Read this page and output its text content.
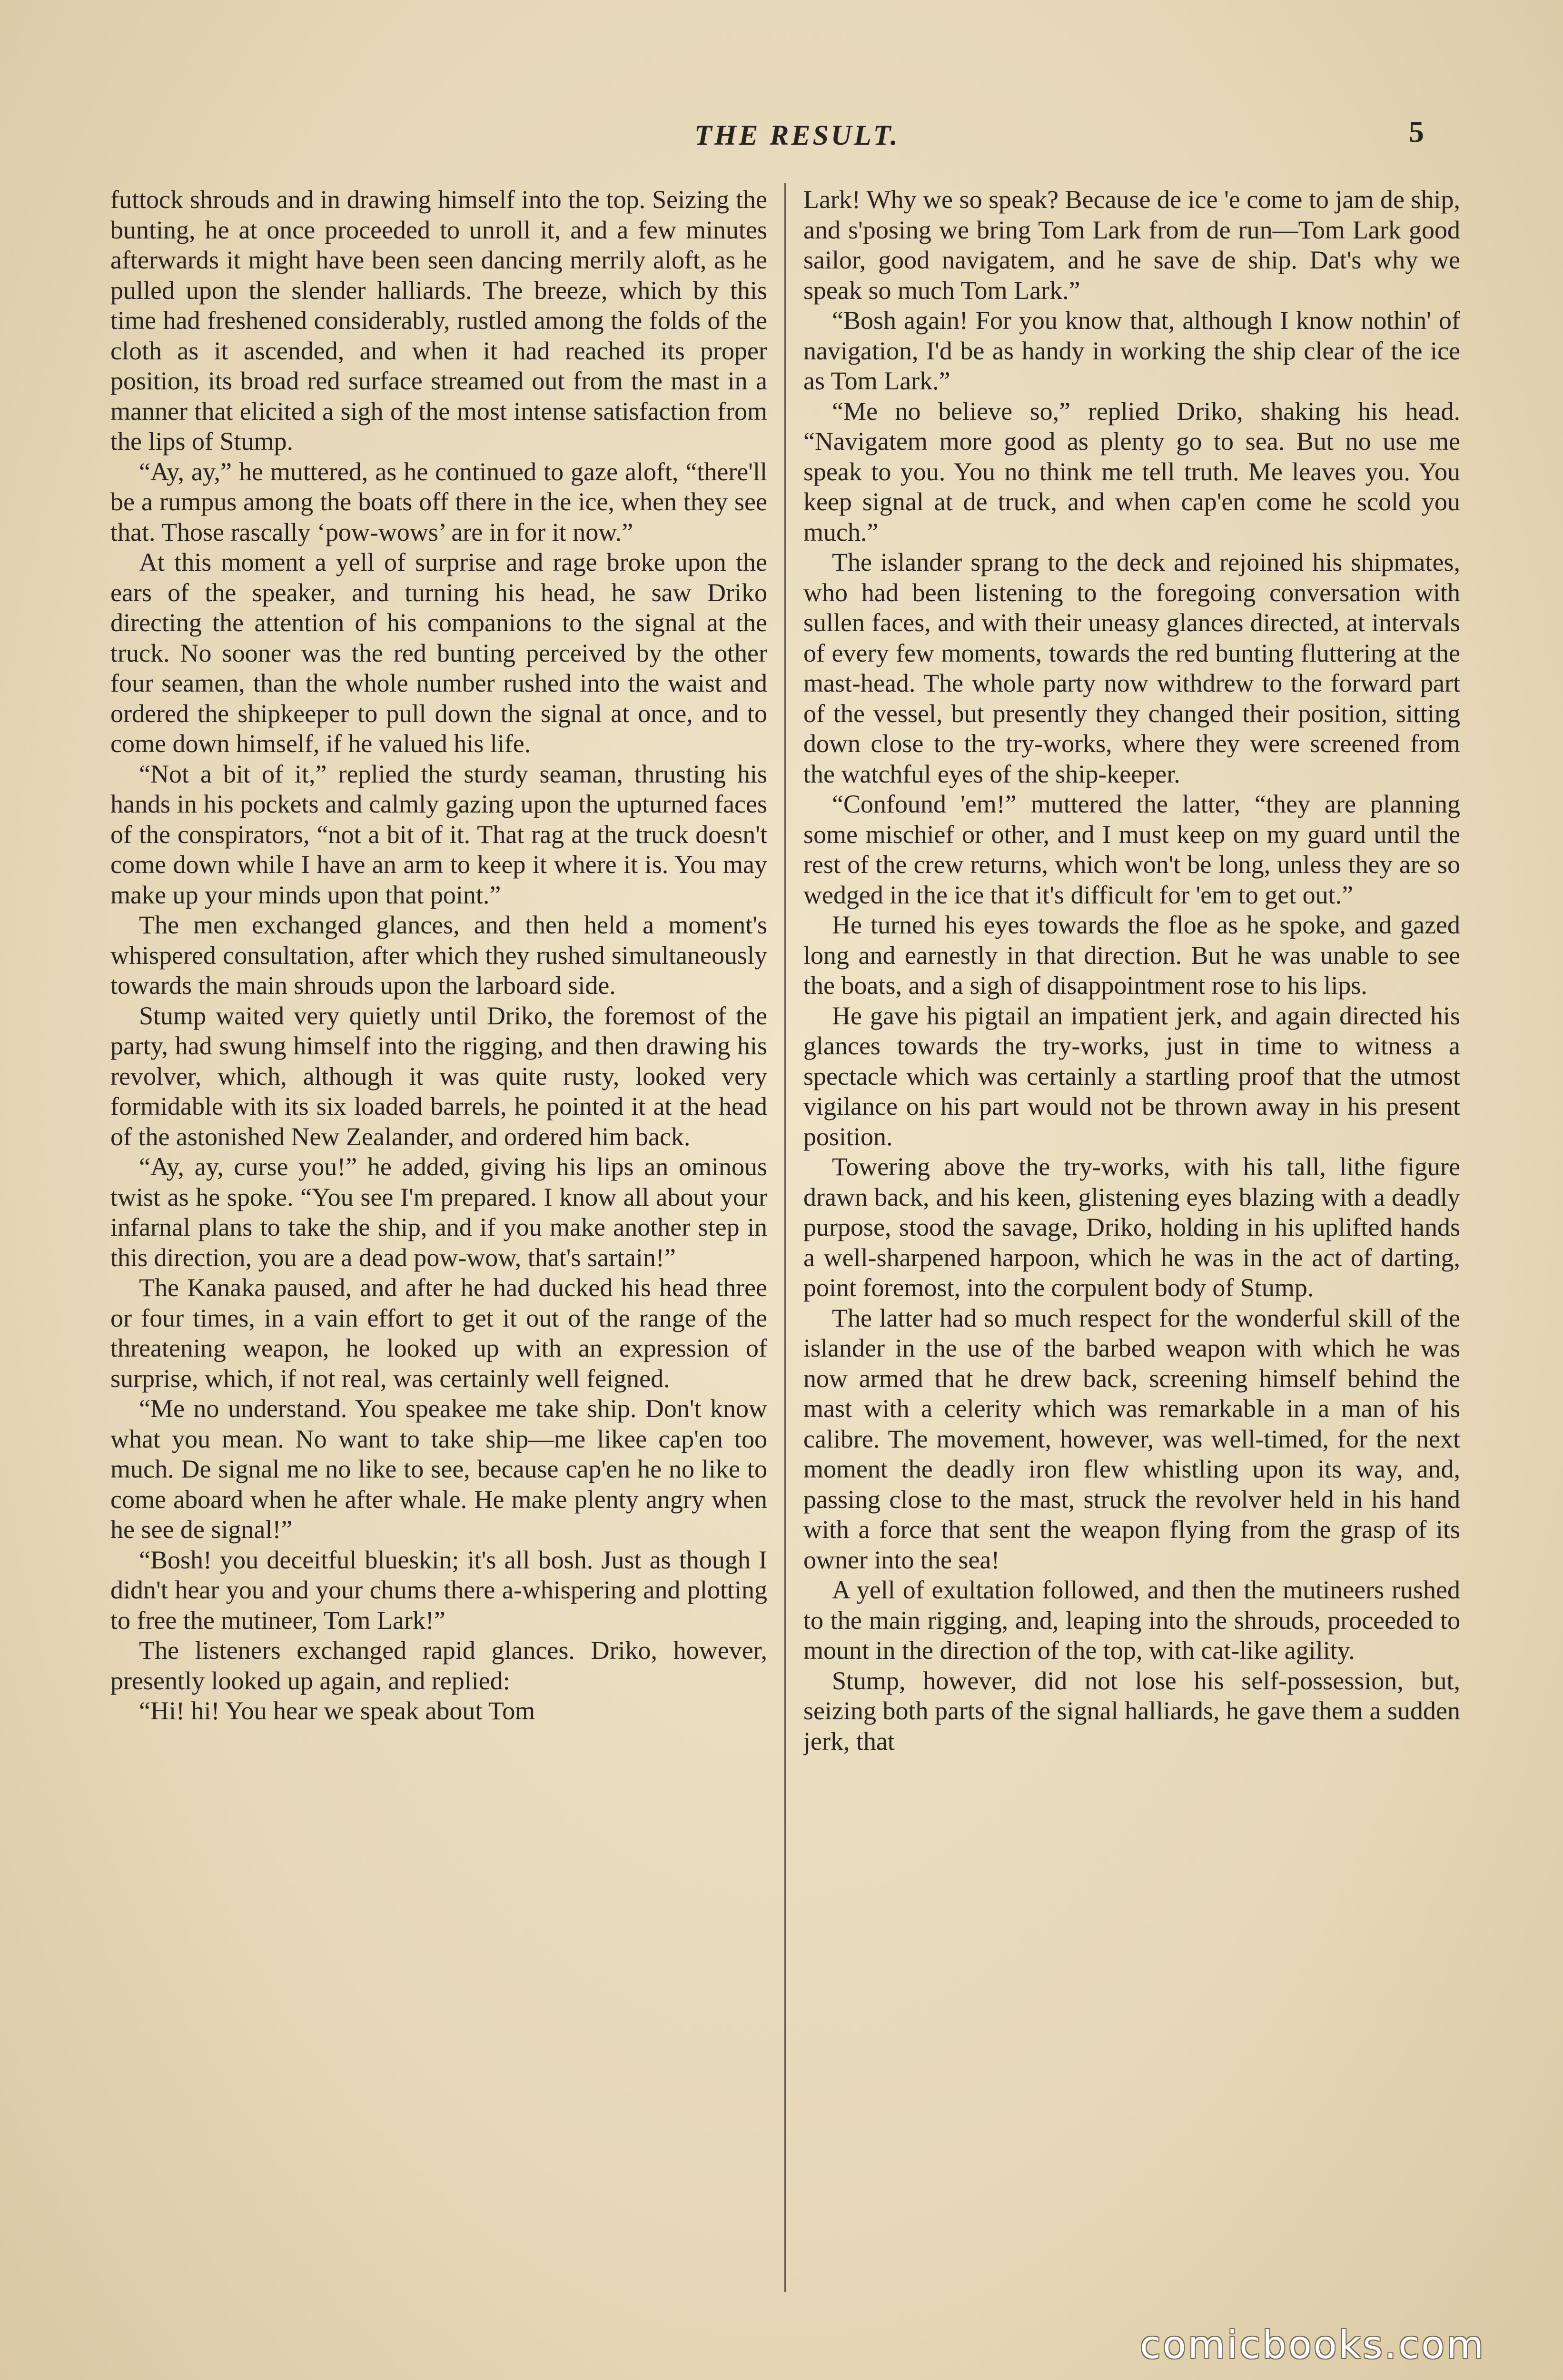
THE RESULT.	5

futtock shrouds and in drawing himself into the top. Seizing the bunting, he at once proceeded to unroll it, and a few minutes afterwards it might have been seen dancing merrily aloft, as he pulled upon the slender halliards. The breeze, which by this time had freshened considerably, rustled among the folds of the cloth as it ascended, and when it had reached its proper position, its broad red surface streamed out from the mast in a manner that elicited a sigh of the most intense satisfaction from the lips of Stump.

“Ay, ay,” he muttered, as he continued to gaze aloft, “there'll be a rumpus among the boats off there in the ice, when they see that. Those rascally ‘pow-wows’ are in for it now.”

At this moment a yell of surprise and rage broke upon the ears of the speaker, and turning his head, he saw Driko directing the attention of his companions to the signal at the truck. No sooner was the red bunting perceived by the other four seamen, than the whole number rushed into the waist and ordered the shipkeeper to pull down the signal at once, and to come down himself, if he valued his life.

“Not a bit of it,” replied the sturdy seaman, thrusting his hands in his pockets and calmly gazing upon the upturned faces of the conspirators, “not a bit of it. That rag at the truck doesn't come down while I have an arm to keep it where it is. You may make up your minds upon that point.”

The men exchanged glances, and then held a moment's whispered consultation, after which they rushed simultaneously towards the main shrouds upon the larboard side.

Stump waited very quietly until Driko, the foremost of the party, had swung himself into the rigging, and then drawing his revolver, which, although it was quite rusty, looked very formidable with its six loaded barrels, he pointed it at the head of the astonished New Zealander, and ordered him back.

“Ay, ay, curse you!” he added, giving his lips an ominous twist as he spoke. “You see I'm prepared. I know all about your infarnal plans to take the ship, and if you make another step in this direction, you are a dead pow-wow, that's sartain!”

The Kanaka paused, and after he had ducked his head three or four times, in a vain effort to get it out of the range of the threatening weapon, he looked up with an expression of surprise, which, if not real, was certainly well feigned.

“Me no understand. You speakee me take ship. Don't know what you mean. No want to take ship—me likee cap'en too much. De signal me no like to see, because cap'en he no like to come aboard when he after whale. He make plenty angry when he see de signal!”

“Bosh! you deceitful blueskin; it's all bosh. Just as though I didn't hear you and your chums there a-whispering and plotting to free the mutineer, Tom Lark!”

The listeners exchanged rapid glances. Driko, however, presently looked up again, and replied:

“Hi! hi! You hear we speak about Tom

Lark! Why we so speak? Because de ice 'e come to jam de ship, and s'posing we bring Tom Lark from de run—Tom Lark good sailor, good navigatem, and he save de ship. Dat's why we speak so much Tom Lark.”

“Bosh again! For you know that, although I know nothin' of navigation, I'd be as handy in working the ship clear of the ice as Tom Lark.”

“Me no believe so,” replied Driko, shaking his head. “Navigatem more good as plenty go to sea. But no use me speak to you. You no think me tell truth. Me leaves you. You keep signal at de truck, and when cap'en come he scold you much.”

The islander sprang to the deck and rejoined his shipmates, who had been listening to the foregoing conversation with sullen faces, and with their uneasy glances directed, at intervals of every few moments, towards the red bunting fluttering at the mast-head. The whole party now withdrew to the forward part of the vessel, but presently they changed their position, sitting down close to the try-works, where they were screened from the watchful eyes of the ship-keeper.

“Confound 'em!” muttered the latter, “they are planning some mischief or other, and I must keep on my guard until the rest of the crew returns, which won't be long, unless they are so wedged in the ice that it's difficult for 'em to get out.”

He turned his eyes towards the floe as he spoke, and gazed long and earnestly in that direction. But he was unable to see the boats, and a sigh of disappointment rose to his lips.

He gave his pigtail an impatient jerk, and again directed his glances towards the try-works, just in time to witness a spectacle which was certainly a startling proof that the utmost vigilance on his part would not be thrown away in his present position.

Towering above the try-works, with his tall, lithe figure drawn back, and his keen, glistening eyes blazing with a deadly purpose, stood the savage, Driko, holding in his uplifted hands a well-sharpened harpoon, which he was in the act of darting, point foremost, into the corpulent body of Stump.

The latter had so much respect for the wonderful skill of the islander in the use of the barbed weapon with which he was now armed that he drew back, screening himself behind the mast with a celerity which was remarkable in a man of his calibre. The movement, however, was well-timed, for the next moment the deadly iron flew whistling upon its way, and, passing close to the mast, struck the revolver held in his hand with a force that sent the weapon flying from the grasp of its owner into the sea!

A yell of exultation followed, and then the mutineers rushed to the main rigging, and, leaping into the shrouds, proceeded to mount in the direction of the top, with cat-like agility.

Stump, however, did not lose his self-possession, but, seizing both parts of the signal halliards, he gave them a sudden jerk, that

comicbooks.com
